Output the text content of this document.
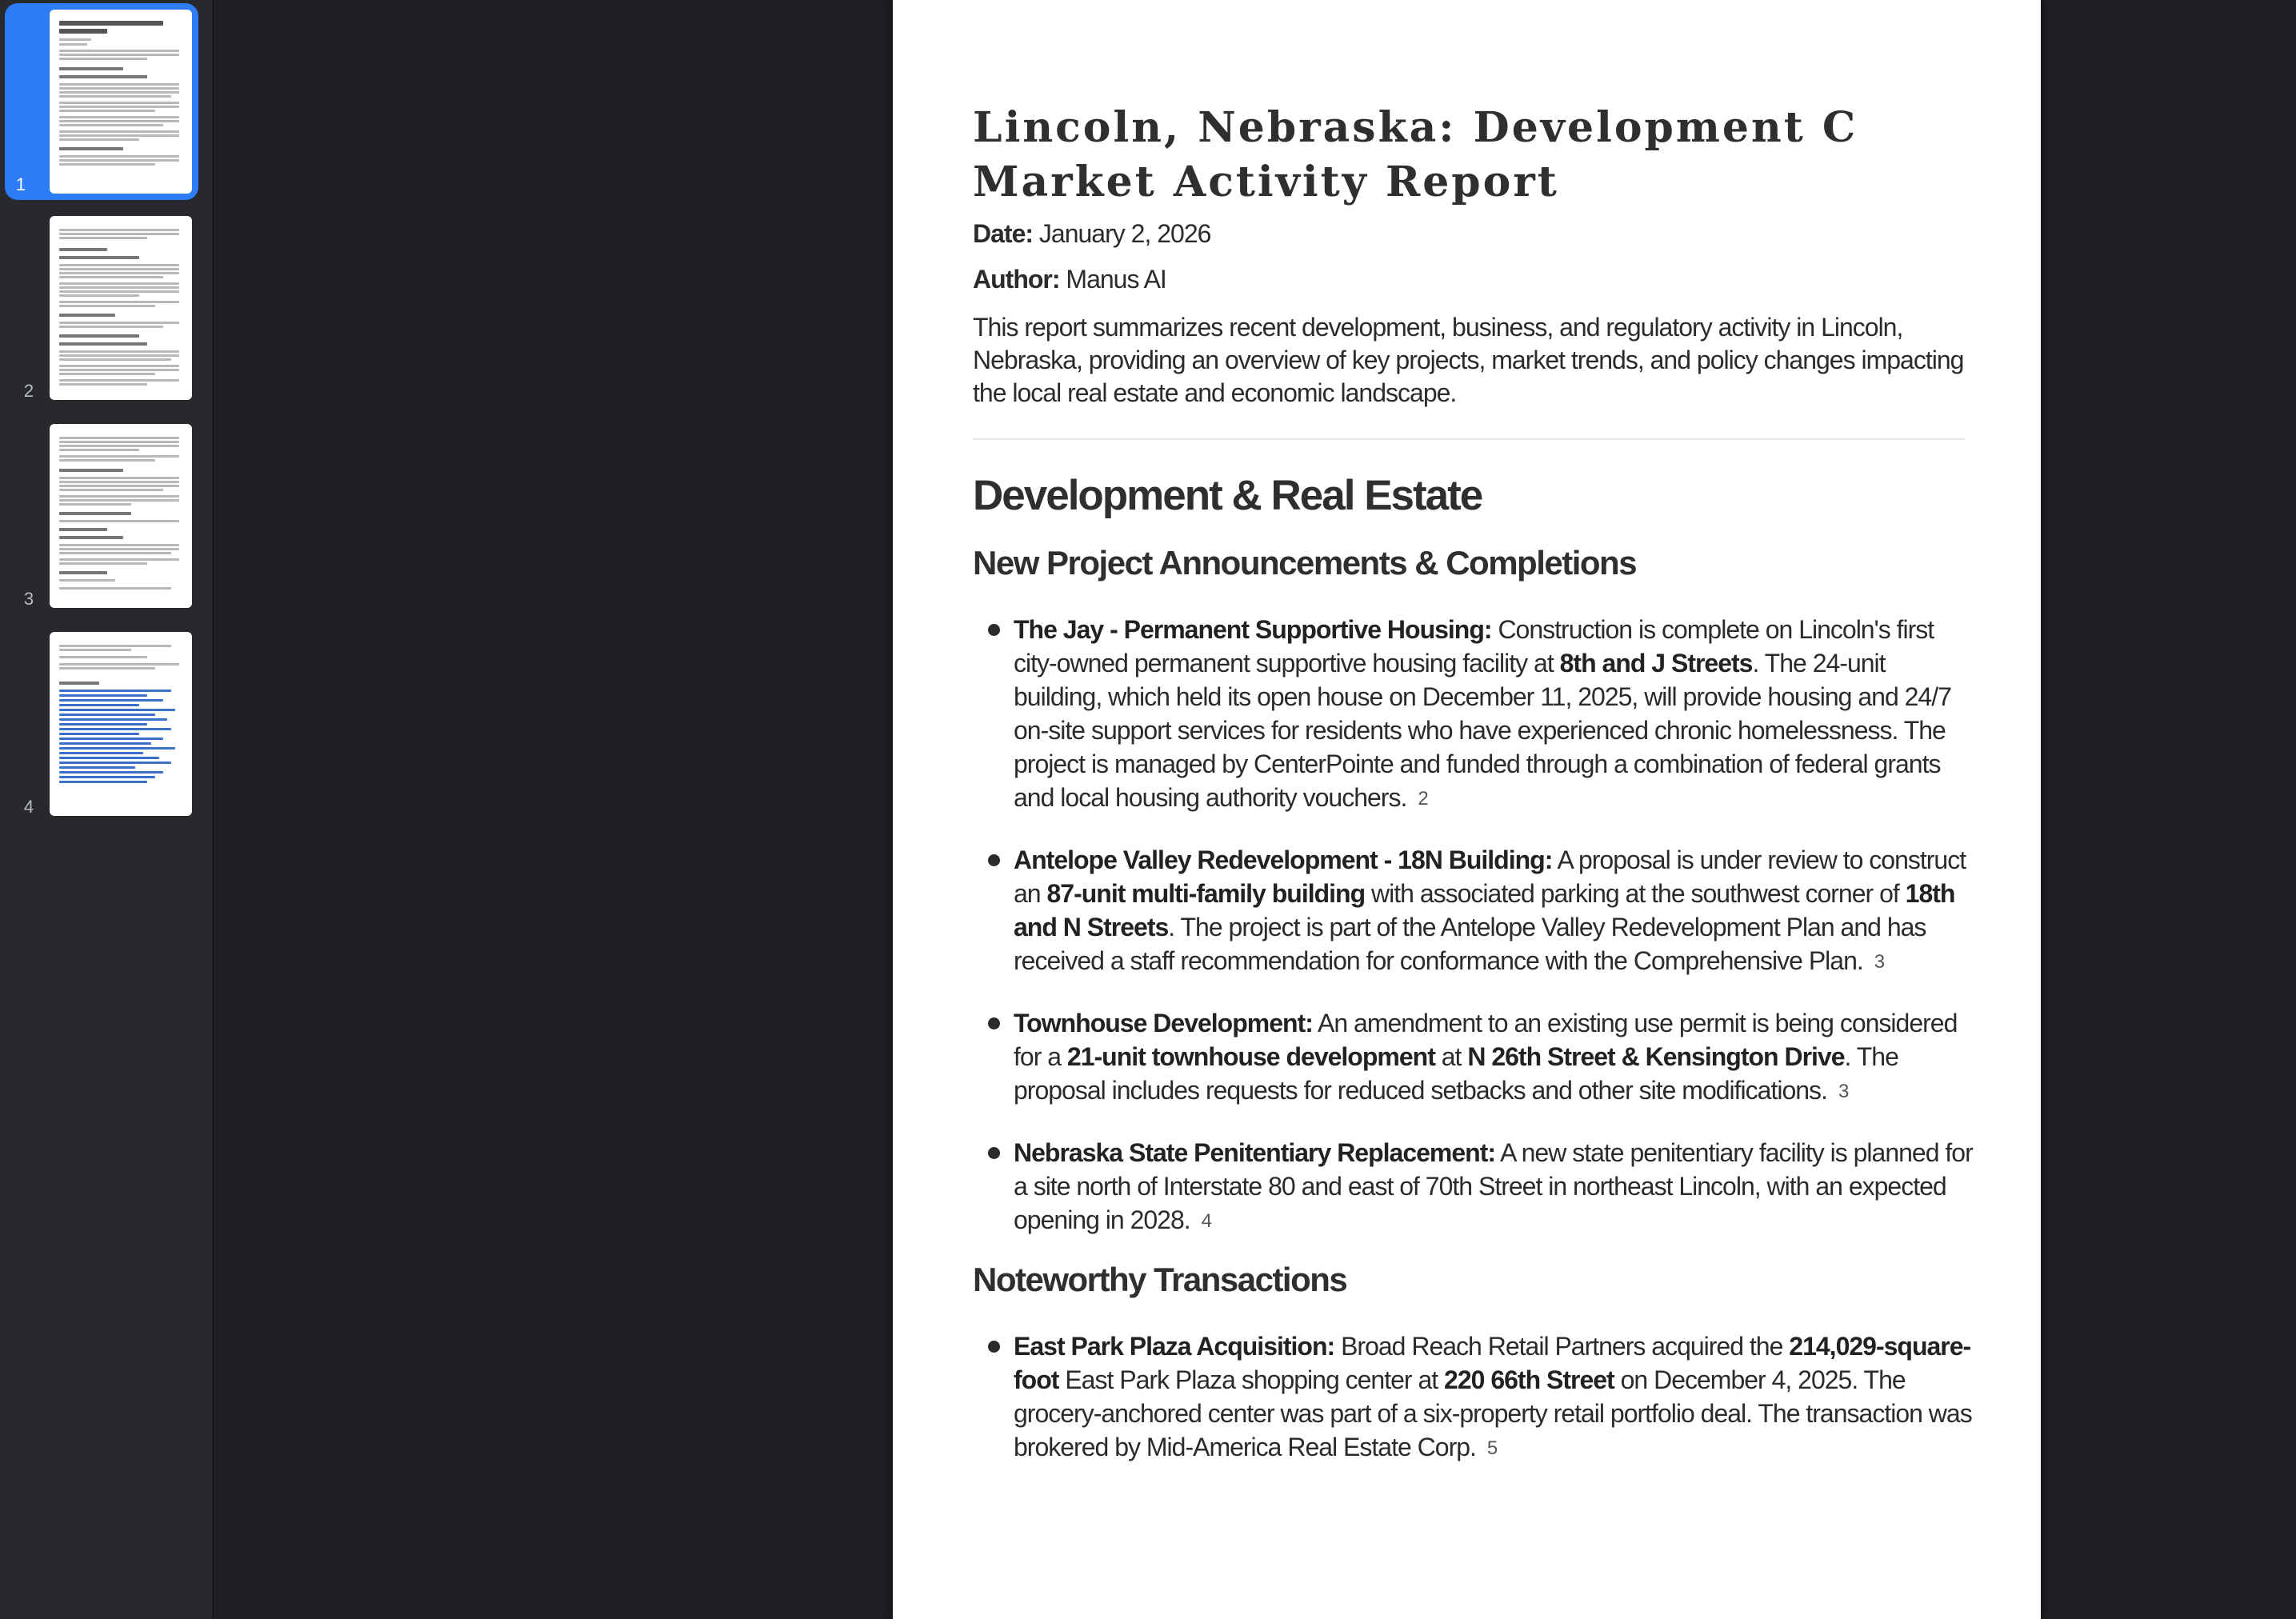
1
2
3
4
Lincoln, Nebraska: Development C Market Activity Report

Date: January 2, 2026

Author: Manus AI

This report summarizes recent development, business, and regulatory activity in Lincoln, Nebraska, providing an overview of key projects, market trends, and policy changes impacting the local real estate and economic landscape.

Development & Real Estate
New Project Announcements & Completions
The Jay - Permanent Supportive Housing: Construction is complete on Lincoln's first city-owned permanent supportive housing facility at 8th and J Streets. The 24-unit building, which held its open house on December 11, 2025, will provide housing and 24/7 on-site support services for residents who have experienced chronic homelessness. The project is managed by CenterPointe and funded through a combination of federal grants and local housing authority vouchers. 2
Antelope Valley Redevelopment - 18N Building: A proposal is under review to construct an 87-unit multi-family building with associated parking at the southwest corner of 18th and N Streets. The project is part of the Antelope Valley Redevelopment Plan and has received a staff recommendation for conformance with the Comprehensive Plan. 3
Townhouse Development: An amendment to an existing use permit is being considered for a 21-unit townhouse development at N 26th Street & Kensington Drive. The proposal includes requests for reduced setbacks and other site modifications. 3
Nebraska State Penitentiary Replacement: A new state penitentiary facility is planned for a site north of Interstate 80 and east of 70th Street in northeast Lincoln, with an expected opening in 2028. 4
Noteworthy Transactions
East Park Plaza Acquisition: Broad Reach Retail Partners acquired the 214,029-square-foot East Park Plaza shopping center at 220 66th Street on December 4, 2025. The grocery-anchored center was part of a six-property retail portfolio deal. The transaction was brokered by Mid-America Real Estate Corp. 5
